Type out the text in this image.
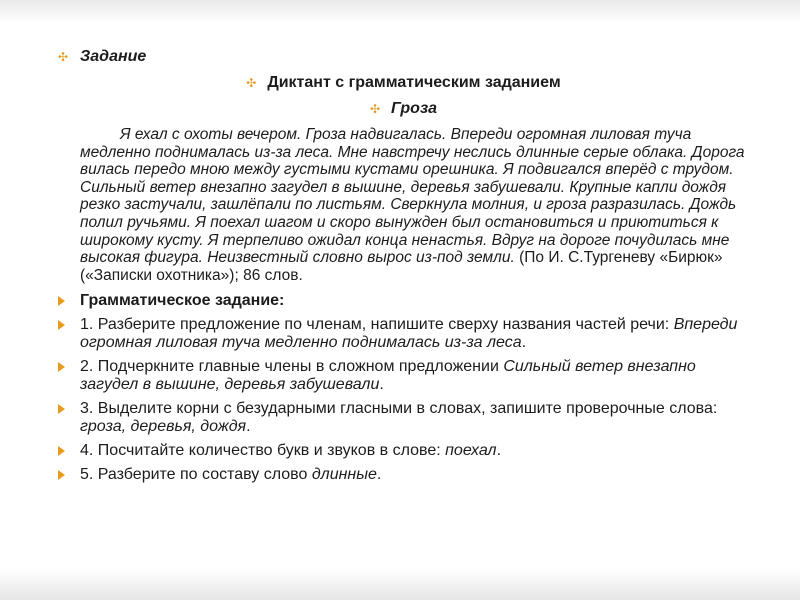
✣ Задание
✣ Диктант с грамматическим заданием
✣ Гроза
Я ехал с охоты вечером. Гроза надвигалась. Впереди огромная лиловая туча медленно поднималась из-за леса. Мне навстречу неслись длинные серые облака. Дорога вилась передо мною между густыми кустами орешника. Я подвигался вперёд с трудом. Сильный ветер внезапно загудел в вышине, деревья забушевали. Крупные капли дождя резко застучали, зашлёпали по листьям. Сверкнула молния, и гроза разразилась. Дождь полил ручьями. Я поехал шагом и скоро вынужден был остановиться и приютиться к широкому кусту. Я терпеливо ожидал конца ненастья. Вдруг на дороге почудилась мне высокая фигура. Неизвестный словно вырос из-под земли. (По И. С.Тургеневу «Бирюк» («Записки охотника»); 86 слов.
Грамматическое задание:
1. Разберите предложение по членам, напишите сверху названия частей речи: Впереди огромная лиловая туча медленно поднималась из-за леса.
2. Подчеркните главные члены в сложном предложении Сильный ветер внезапно загудел в вышине, деревья забушевали.
3. Выделите корни с безударными гласными в словах, запишите проверочные слова: гроза, деревья, дождя.
4. Посчитайте количество букв и звуков в слове: поехал.
5. Разберите по составу слово длинные.
